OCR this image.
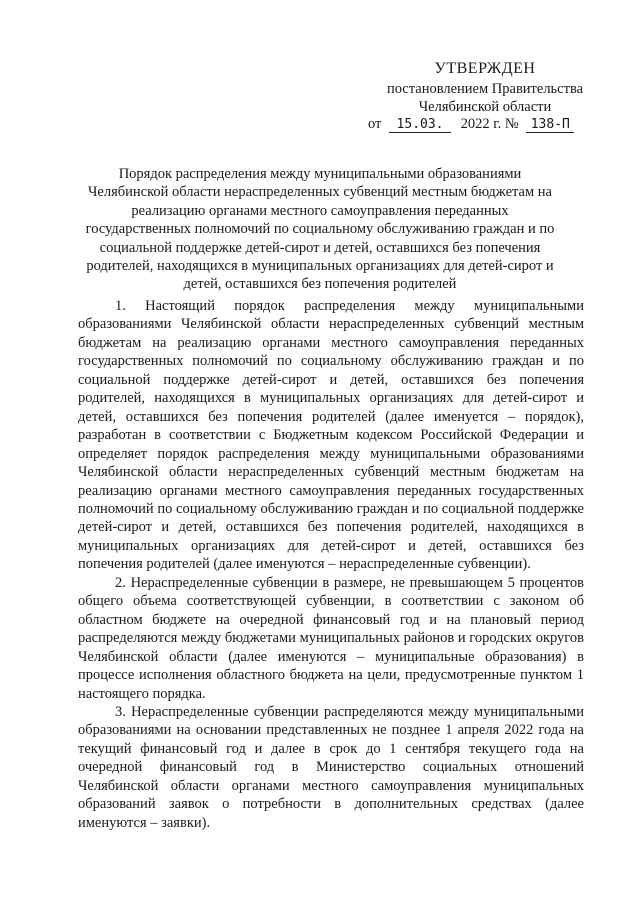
УТВЕРЖДЕН
постановлением Правительства
Челябинской области
от 15.03. 2022 г. № 138-П
Порядок распределения между муниципальными образованиями Челябинской области нераспределенных субвенций местным бюджетам на реализацию органами местного самоуправления переданных государственных полномочий по социальному обслуживанию граждан и по социальной поддержке детей-сирот и детей, оставшихся без попечения родителей, находящихся в муниципальных организациях для детей-сирот и детей, оставшихся без попечения родителей

1. Настоящий порядок распределения между муниципальными образованиями Челябинской области нераспределенных субвенций местным бюджетам на реализацию органами местного самоуправления переданных государственных полномочий по социальному обслуживанию граждан и по социальной поддержке детей-сирот и детей, оставшихся без попечения родителей, находящихся в муниципальных организациях для детей-сирот и детей, оставшихся без попечения родителей (далее именуется – порядок), разработан в соответствии с Бюджетным кодексом Российской Федерации и определяет порядок распределения между муниципальными образованиями Челябинской области нераспределенных субвенций местным бюджетам на реализацию органами местного самоуправления переданных государственных полномочий по социальному обслуживанию граждан и по социальной поддержке детей-сирот и детей, оставшихся без попечения родителей, находящихся в муниципальных организациях для детей-сирот и детей, оставшихся без попечения родителей (далее именуются – нераспределенные субвенции).

2. Нераспределенные субвенции в размере, не превышающем 5 процентов общего объема соответствующей субвенции, в соответствии с законом об областном бюджете на очередной финансовый год и на плановый период распределяются между бюджетами муниципальных районов и городских округов Челябинской области (далее именуются – муниципальные образования) в процессе исполнения областного бюджета на цели, предусмотренные пунктом 1 настоящего порядка.

3. Нераспределенные субвенции распределяются между муниципальными образованиями на основании представленных не позднее 1 апреля 2022 года на текущий финансовый год и далее в срок до 1 сентября текущего года на очередной финансовый год в Министерство социальных отношений Челябинской области органами местного самоуправления муниципальных образований заявок о потребности в дополнительных средствах (далее именуются – заявки).
